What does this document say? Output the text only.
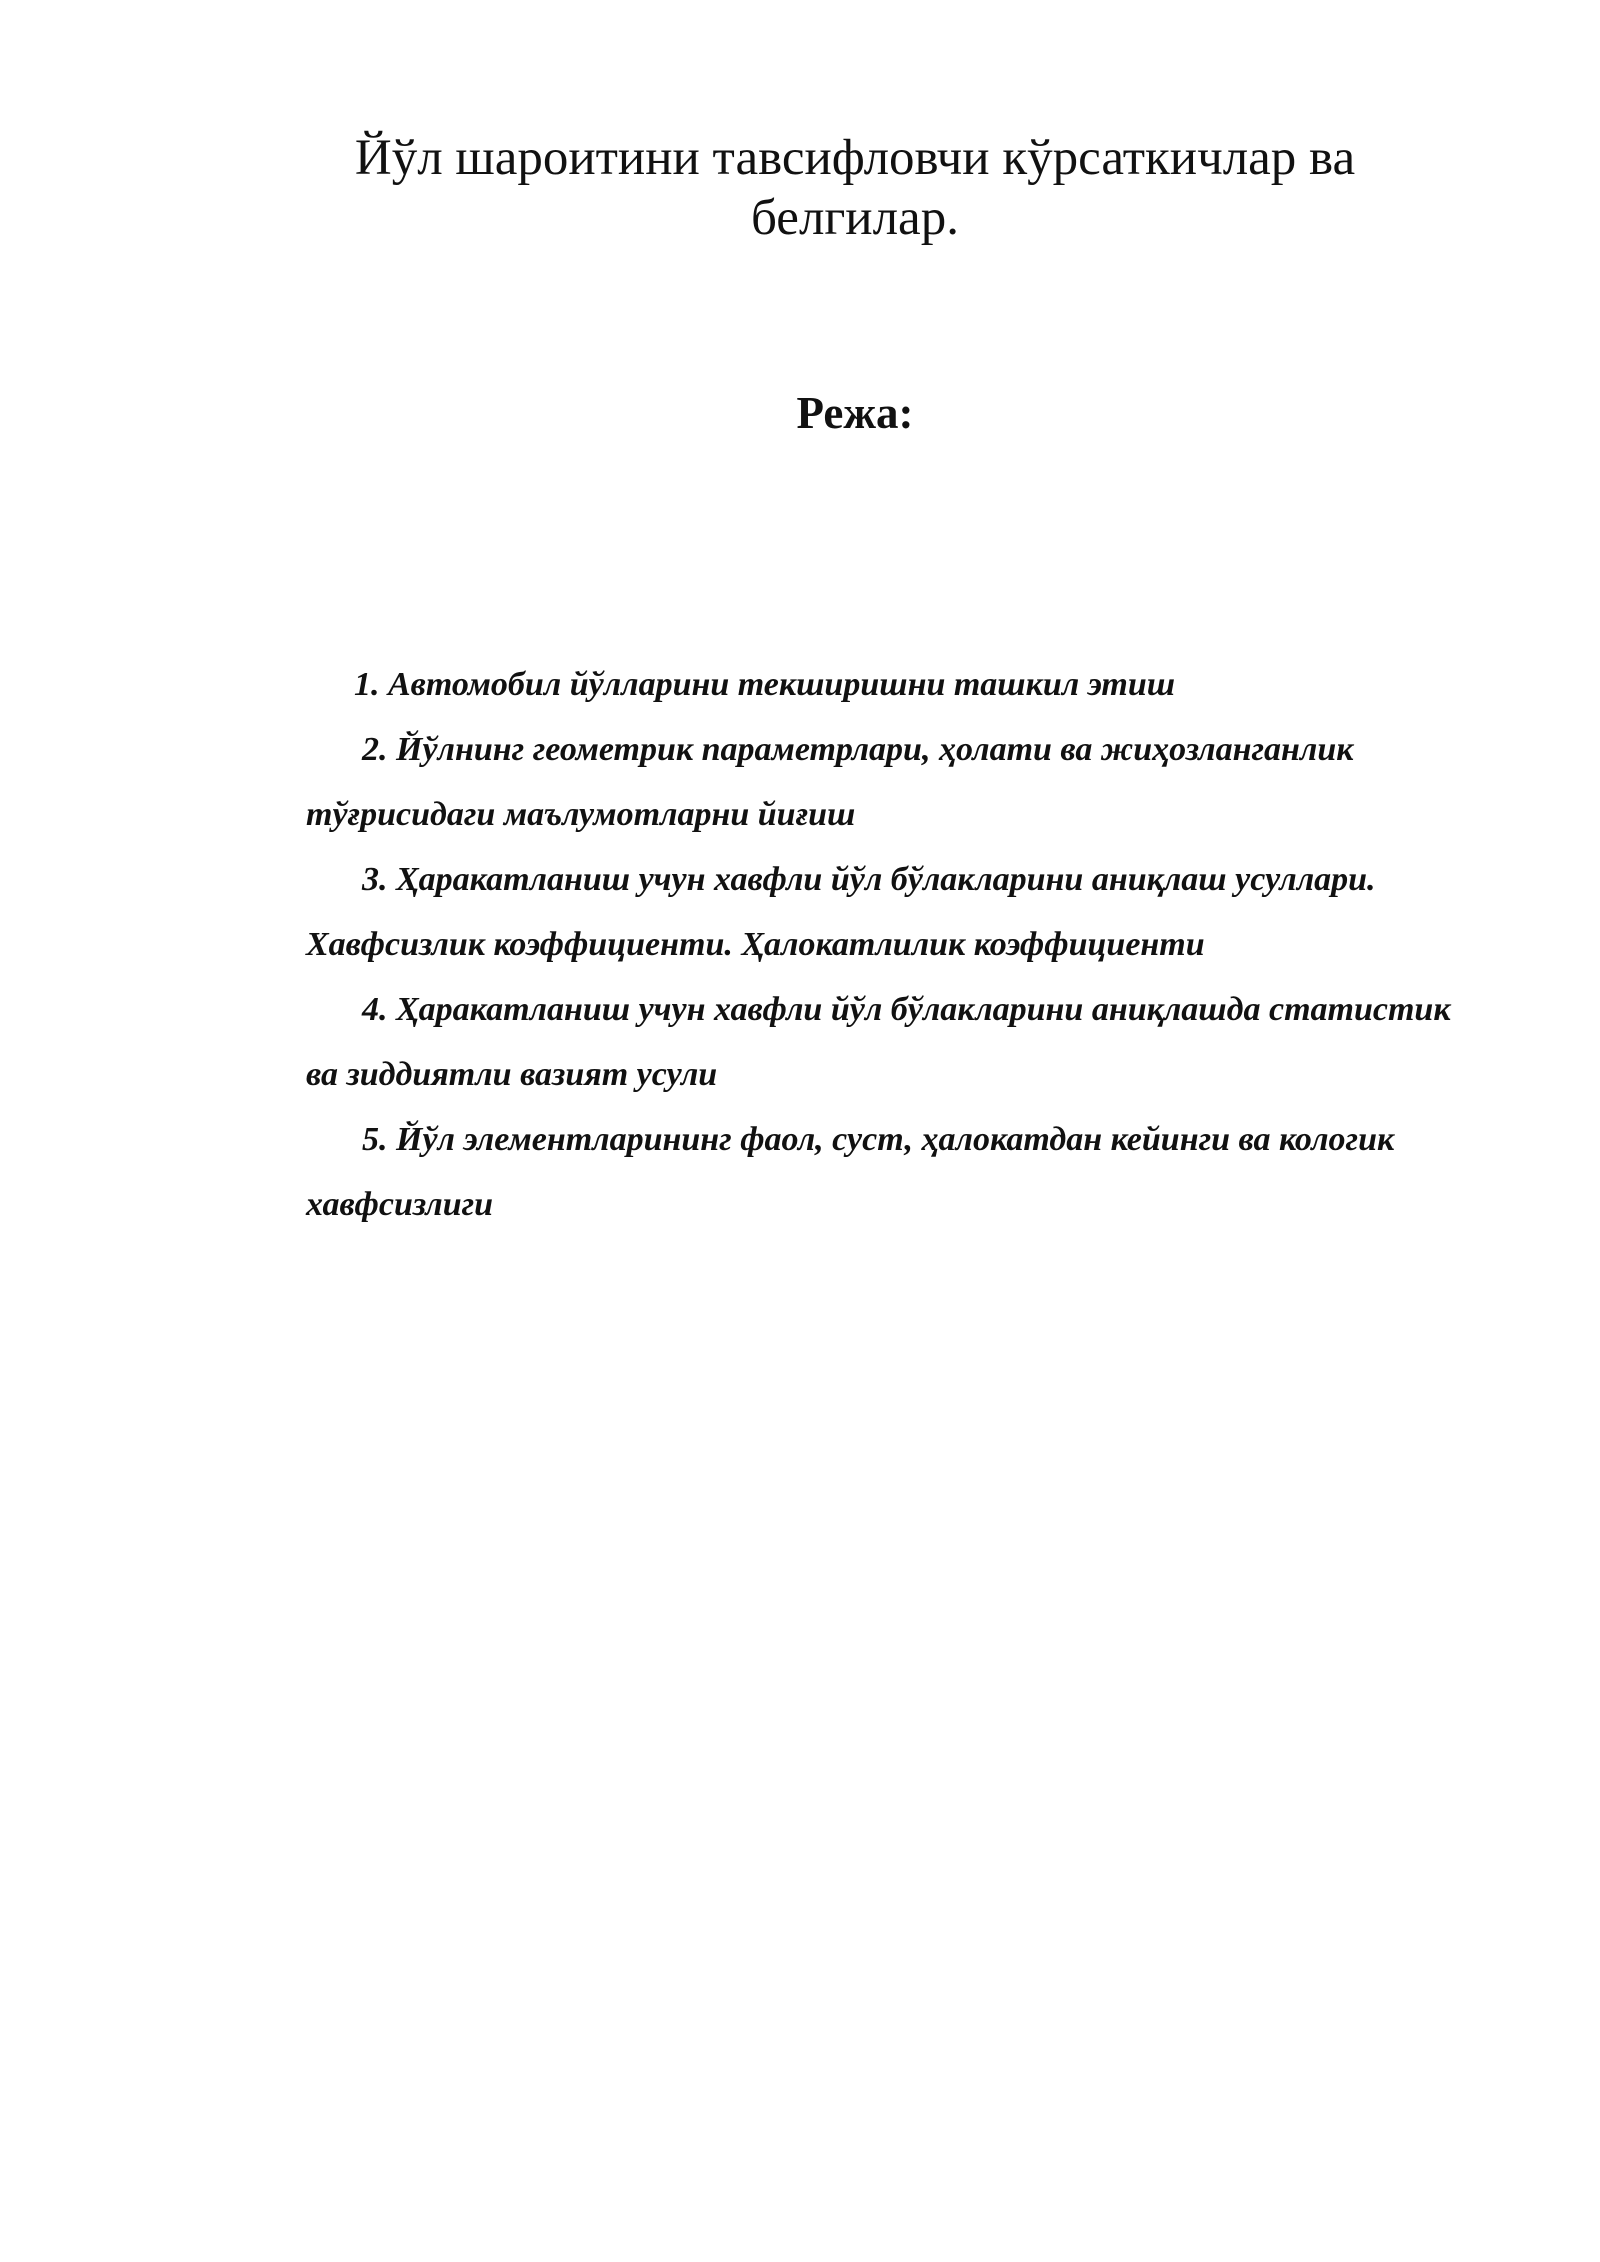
Йўл шароитини тавсифловчи кўрсаткичлар ва белгилар.
Режа:
1. Автомобил йўлларини текширишни ташкил этиш
2. Йўлнинг геометрик параметрлари, ҳолати ва жиҳозланганлик тўғрисидаги маълумотларни йиғиш
3. Ҳаракатланиш учун хавфли йўл бўлакларини аниқлаш усуллари. Хавфсизлик коэффициенти. Ҳалокатлилик коэффициенти
4. Ҳаракатланиш учун хавфли йўл бўлакларини аниқлашда статистик ва зиддиятли вазият усули
5. Йўл элементларининг фаол, суст, ҳалокатдан кейинги ва кологик хавфсизлиги
